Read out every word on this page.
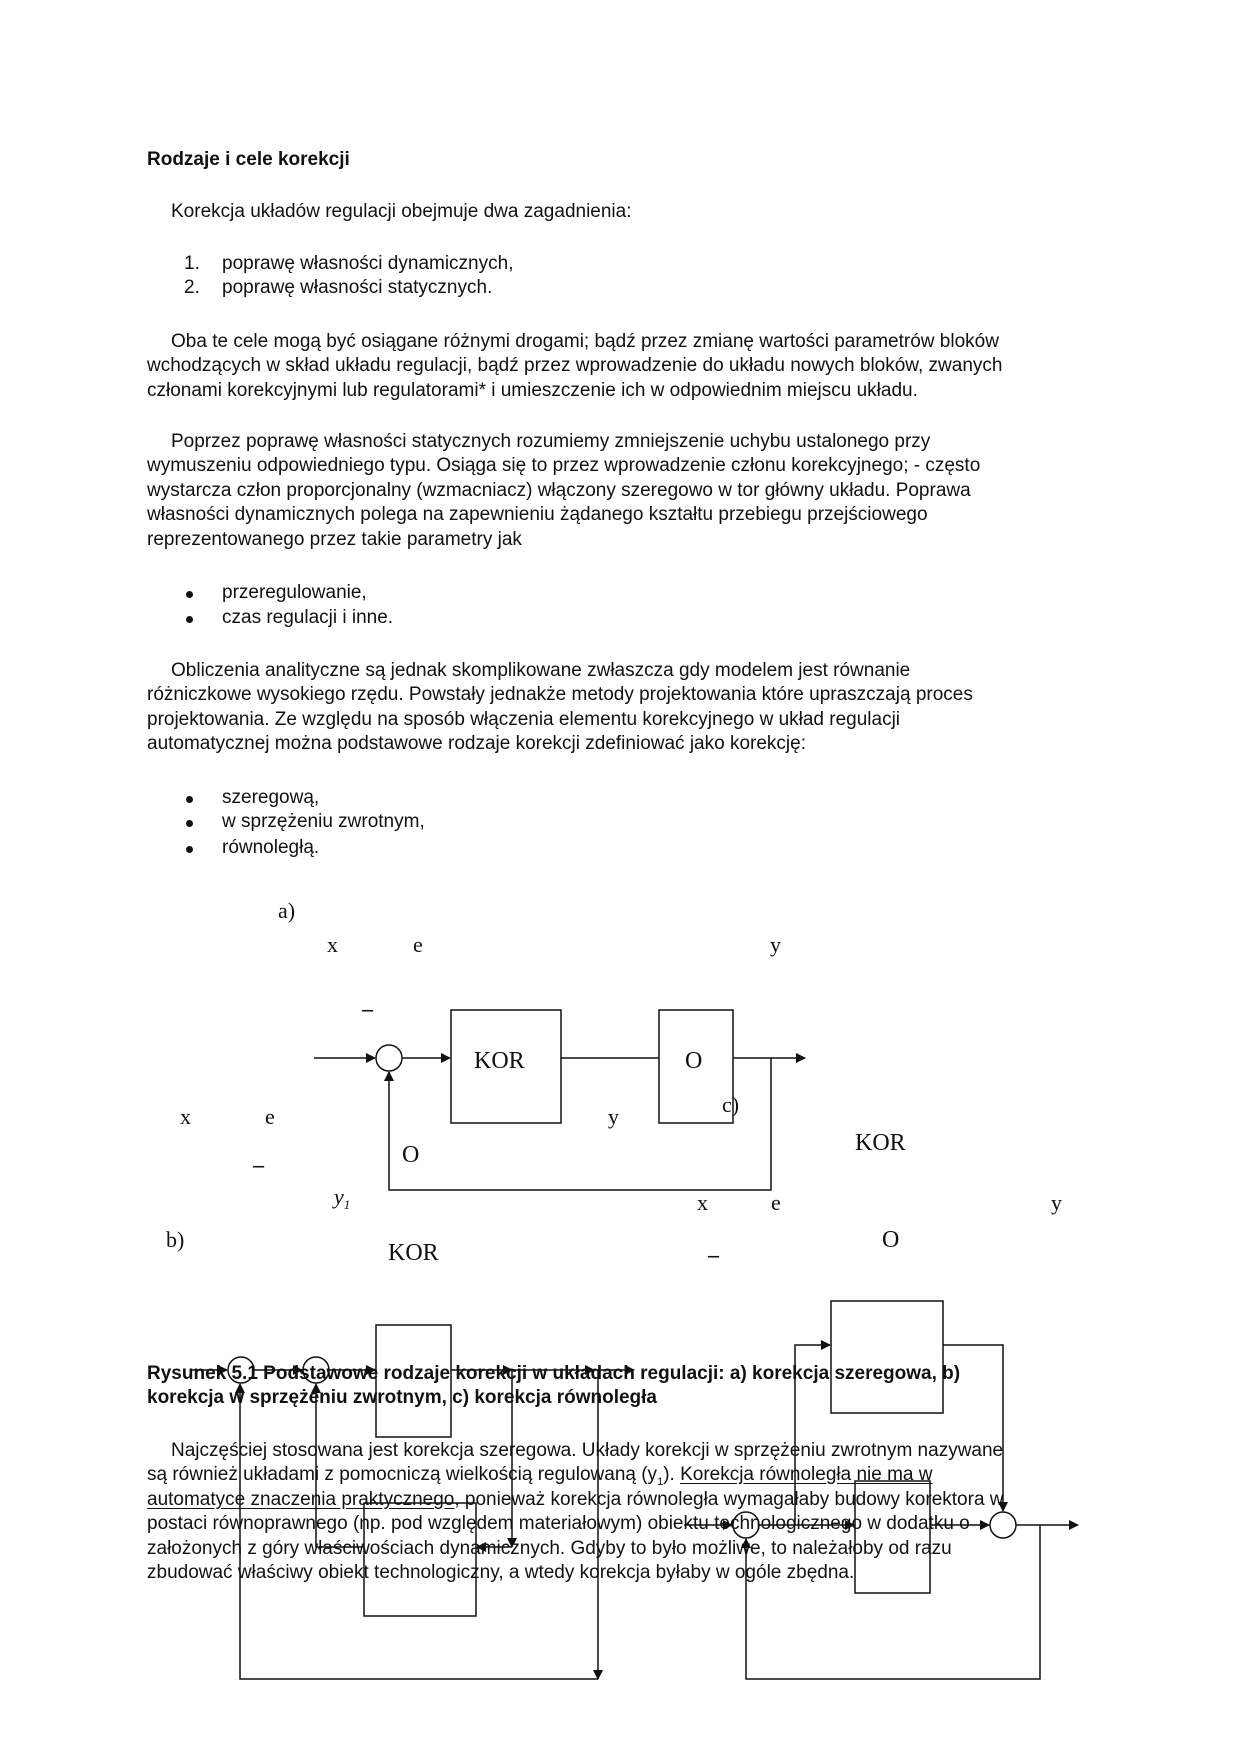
Rodzaje i cele korekcji
Korekcja układów regulacji obejmuje dwa zagadnienia:
1. poprawę własności dynamicznych,
2. poprawę własności statycznych.
Oba te cele mogą być osiągane różnymi drogami; bądź przez zmianę wartości parametrów bloków
wchodzących w skład układu regulacji, bądź przez wprowadzenie do układu nowych bloków, zwanych
członami korekcyjnymi lub regulatorami* i umieszczenie ich w odpowiednim miejscu układu.
Poprzez poprawę własności statycznych rozumiemy zmniejszenie uchybu ustalonego przy
wymuszeniu odpowiedniego typu. Osiąga się to przez wprowadzenie członu korekcyjnego; - często
wystarcza człon proporcjonalny (wzmacniacz) włączony szeregowo w tor główny układu. Poprawa
własności dynamicznych polega na zapewnieniu żądanego kształtu przebiegu przejściowego
reprezentowanego przez takie parametry jak
przeregulowanie,
czas regulacji i inne.
Obliczenia analityczne są jednak skomplikowane zwłaszcza gdy modelem jest równanie
różniczkowe wysokiego rzędu. Powstały jednakże metody projektowania które upraszczają proces
projektowania. Ze względu na sposób włączenia elementu korekcyjnego w układ regulacji
automatycznej można podstawowe rodzaje korekcji zdefiniować jako korekcję:
szeregową,
w sprzężeniu zwrotnym,
równoległą.
a)
x	e	y
KOR	O
–
x	e	y
O
KOR
$y_1$
–
b)
c)
x	e	y
KOR
O
–
Rysunek 5.1 Podstawowe rodzaje korekcji w układach regulacji: a) korekcja szeregowa, b)
korekcja w sprzężeniu zwrotnym, c) korekcja równoległa
Najczęściej stosowana jest korekcja szeregowa. Układy korekcji w sprzężeniu zwrotnym nazywane
są również układami z pomocniczą wielkością regulowaną $(y_1)$. Korekcja równoległa nie ma w
automatyce znaczenia praktycznego, ponieważ korekcja równoległa wymagałaby budowy korektora w
postaci równoprawnego (np. pod względem materiałowym) obiektu technologicznego w dodatku o
założonych z góry właściwościach dynamicznych. Gdyby to było możliwe, to należałoby od razu
zbudować właściwy obiekt technologiczny, a wtedy korekcja byłaby w ogóle zbędna.
